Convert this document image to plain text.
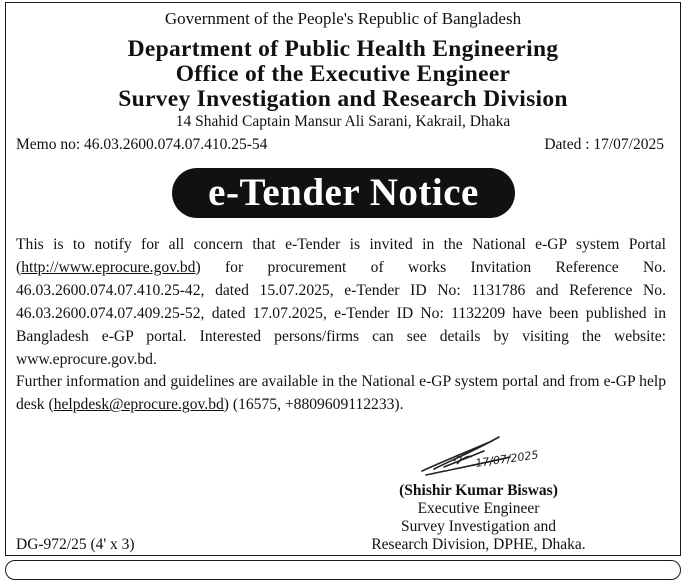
Government of the People's Republic of Bangladesh
Department of Public Health Engineering
Office of the Executive Engineer
Survey Investigation and Research Division
14 Shahid Captain Mansur Ali Sarani, Kakrail, Dhaka
Memo no: 46.03.2600.074.07.410.25-54	Dated : 17/07/2025
e-Tender Notice

This is to notify for all concern that e-Tender is invited in the National e-GP system Portal (http://www.eprocure.gov.bd) for procurement of works Invitation Reference No. 46.03.2600.074.07.410.25-42, dated 15.07.2025, e-Tender ID No: 1131786 and Reference No. 46.03.2600.074.07.409.25-52, dated 17.07.2025, e-Tender ID No: 1132209 have been published in Bangladesh e-GP portal. Interested persons/firms can see details by visiting the website: www.eprocure.gov.bd.
Further information and guidelines are available in the National e-GP system portal and from e-GP help desk (helpdesk@eprocure.gov.bd) (16575, +8809609112233).

17/07/2025
(Shishir Kumar Biswas)
Executive Engineer
Survey Investigation and
Research Division, DPHE, Dhaka.
DG-972/25 (4' x 3)
